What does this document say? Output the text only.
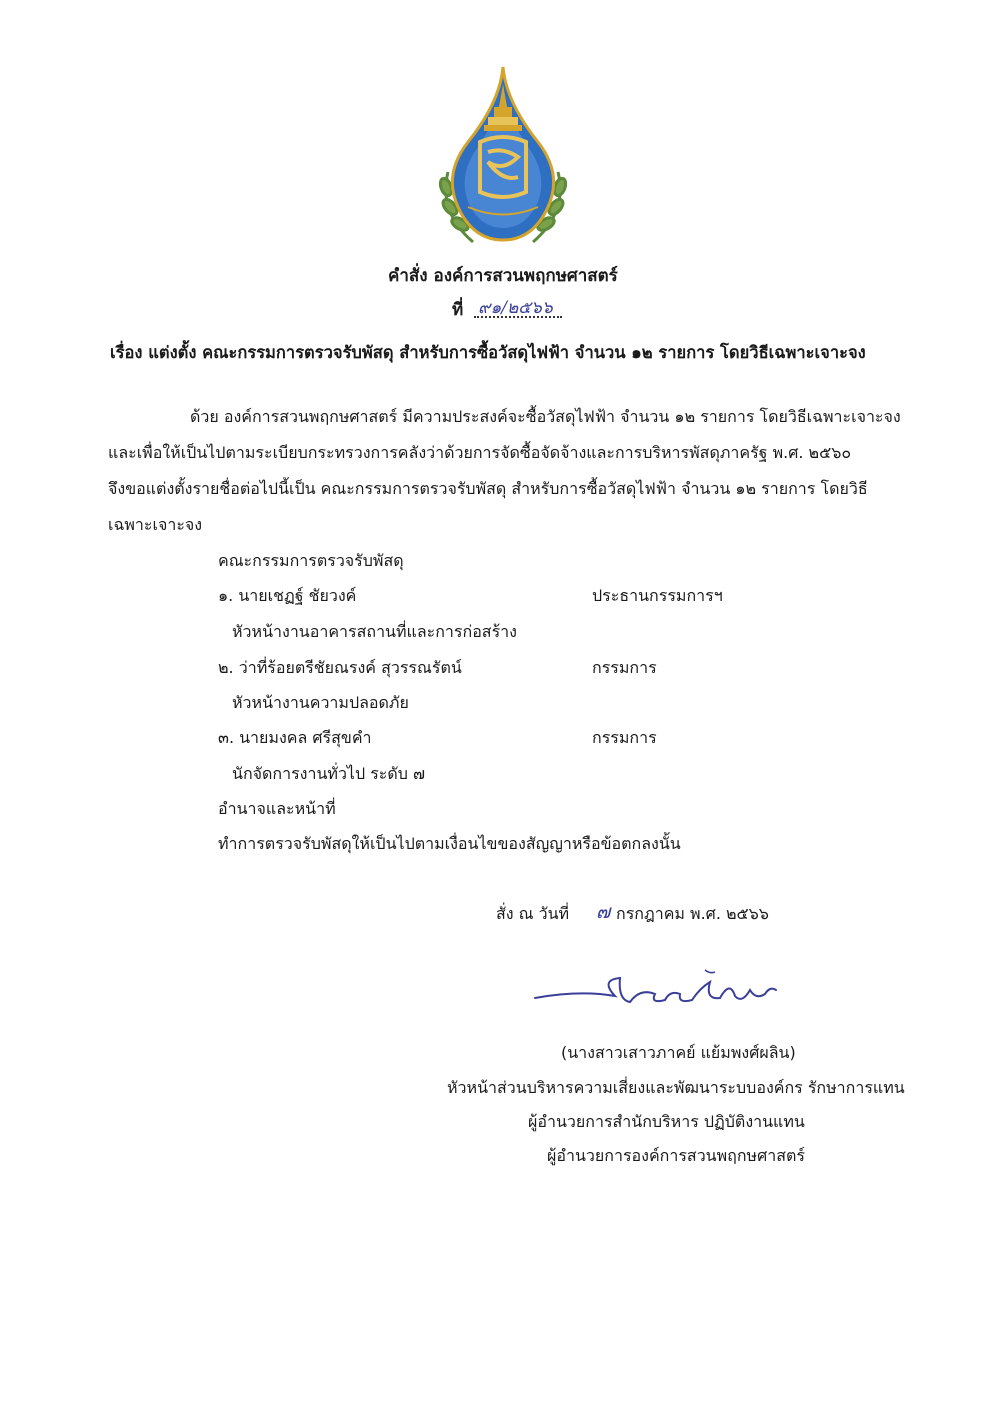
คำสั่ง องค์การสวนพฤกษศาสตร์
ที่ ๙๑/๒๕๖๖
เรื่อง แต่งตั้ง คณะกรรมการตรวจรับพัสดุ สำหรับการซื้อวัสดุไฟฟ้า จำนวน ๑๒ รายการ โดยวิธีเฉพาะเจาะจง
ด้วย องค์การสวนพฤกษศาสตร์ มีความประสงค์จะซื้อวัสดุไฟฟ้า จำนวน ๑๒ รายการ โดยวิธีเฉพาะเจาะจง
และเพื่อให้เป็นไปตามระเบียบกระทรวงการคลังว่าด้วยการจัดซื้อจัดจ้างและการบริหารพัสดุภาครัฐ พ.ศ. ๒๕๖๐
จึงขอแต่งตั้งรายชื่อต่อไปนี้เป็น คณะกรรมการตรวจรับพัสดุ สำหรับการซื้อวัสดุไฟฟ้า จำนวน ๑๒ รายการ โดยวิธี
เฉพาะเจาะจง
คณะกรรมการตรวจรับพัสดุ
๑. นายเชฏฐ์ ชัยวงค์	ประธานกรรมการฯ
หัวหน้างานอาคารสถานที่และการก่อสร้าง
๒. ว่าที่ร้อยตรีชัยณรงค์ สุวรรณรัตน์	กรรมการ
หัวหน้างานความปลอดภัย
๓. นายมงคล ศรีสุขคำ	กรรมการ
นักจัดการงานทั่วไป ระดับ ๗
อำนาจและหน้าที่
ทำการตรวจรับพัสดุให้เป็นไปตามเงื่อนไขของสัญญาหรือข้อตกลงนั้น
สั่ง ณ วันที่ ๗ กรกฎาคม พ.ศ. ๒๕๖๖
(นางสาวเสาวภาคย์ แย้มพงศ์ผลิน)
หัวหน้าส่วนบริหารความเสี่ยงและพัฒนาระบบองค์กร รักษาการแทน
ผู้อำนวยการสำนักบริหาร ปฏิบัติงานแทน
ผู้อำนวยการองค์การสวนพฤกษศาสตร์
